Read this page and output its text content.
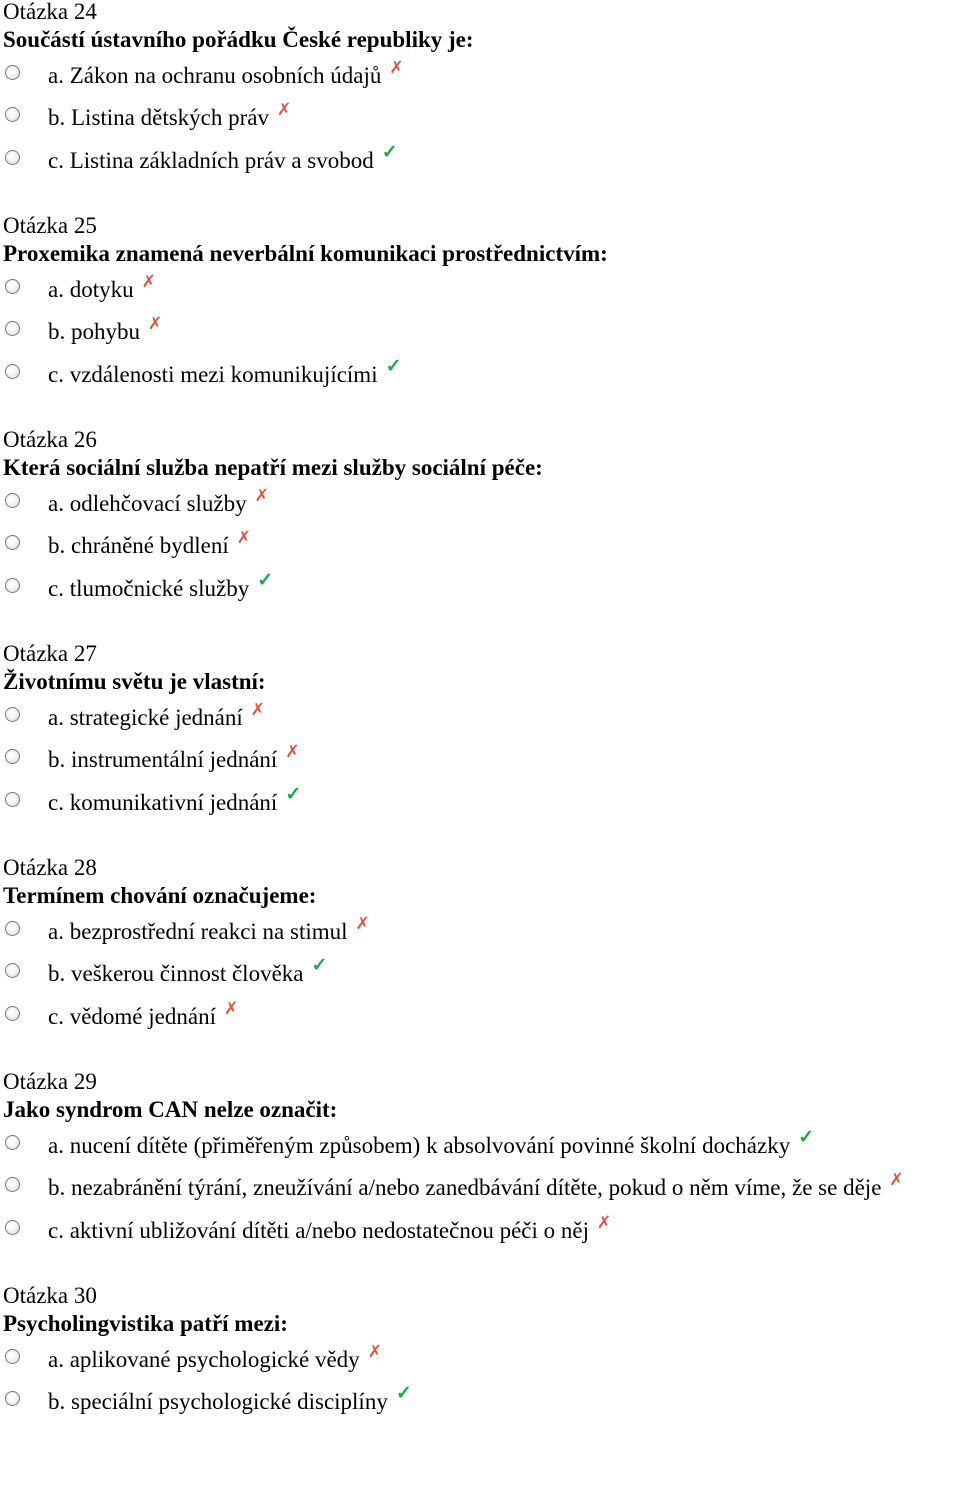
Otázka 24
Součástí ústavního pořádku České republiky je:
a. Zákon na ochranu osobních údajů ✗
b. Listina dětských práv ✗
c. Listina základních práv a svobod ✓
Otázka 25
Proxemika znamená neverbální komunikaci prostřednictvím:
a. dotyku ✗
b. pohybu ✗
c. vzdálenosti mezi komunikujícími ✓
Otázka 26
Která sociální služba nepatří mezi služby sociální péče:
a. odlehčovací služby ✗
b. chráněné bydlení ✗
c. tlumočnické služby ✓
Otázka 27
Životnímu světu je vlastní:
a. strategické jednání ✗
b. instrumentální jednání ✗
c. komunikativní jednání ✓
Otázka 28
Termínem chování označujeme:
a. bezprostřední reakci na stimul ✗
b. veškerou činnost člověka ✓
c. vědomé jednání ✗
Otázka 29
Jako syndrom CAN nelze označit:
a. nucení dítěte (přiměřeným způsobem) k absolvování povinné školní docházky ✓
b. nezabránění týrání, zneužívání a/nebo zanedbávání dítěte, pokud o něm víme, že se děje ✗
c. aktivní ubližování dítěti a/nebo nedostatečnou péči o něj ✗
Otázka 30
Psycholingvistika patří mezi:
a. aplikované psychologické vědy ✗
b. speciální psychologické disciplíny ✓
